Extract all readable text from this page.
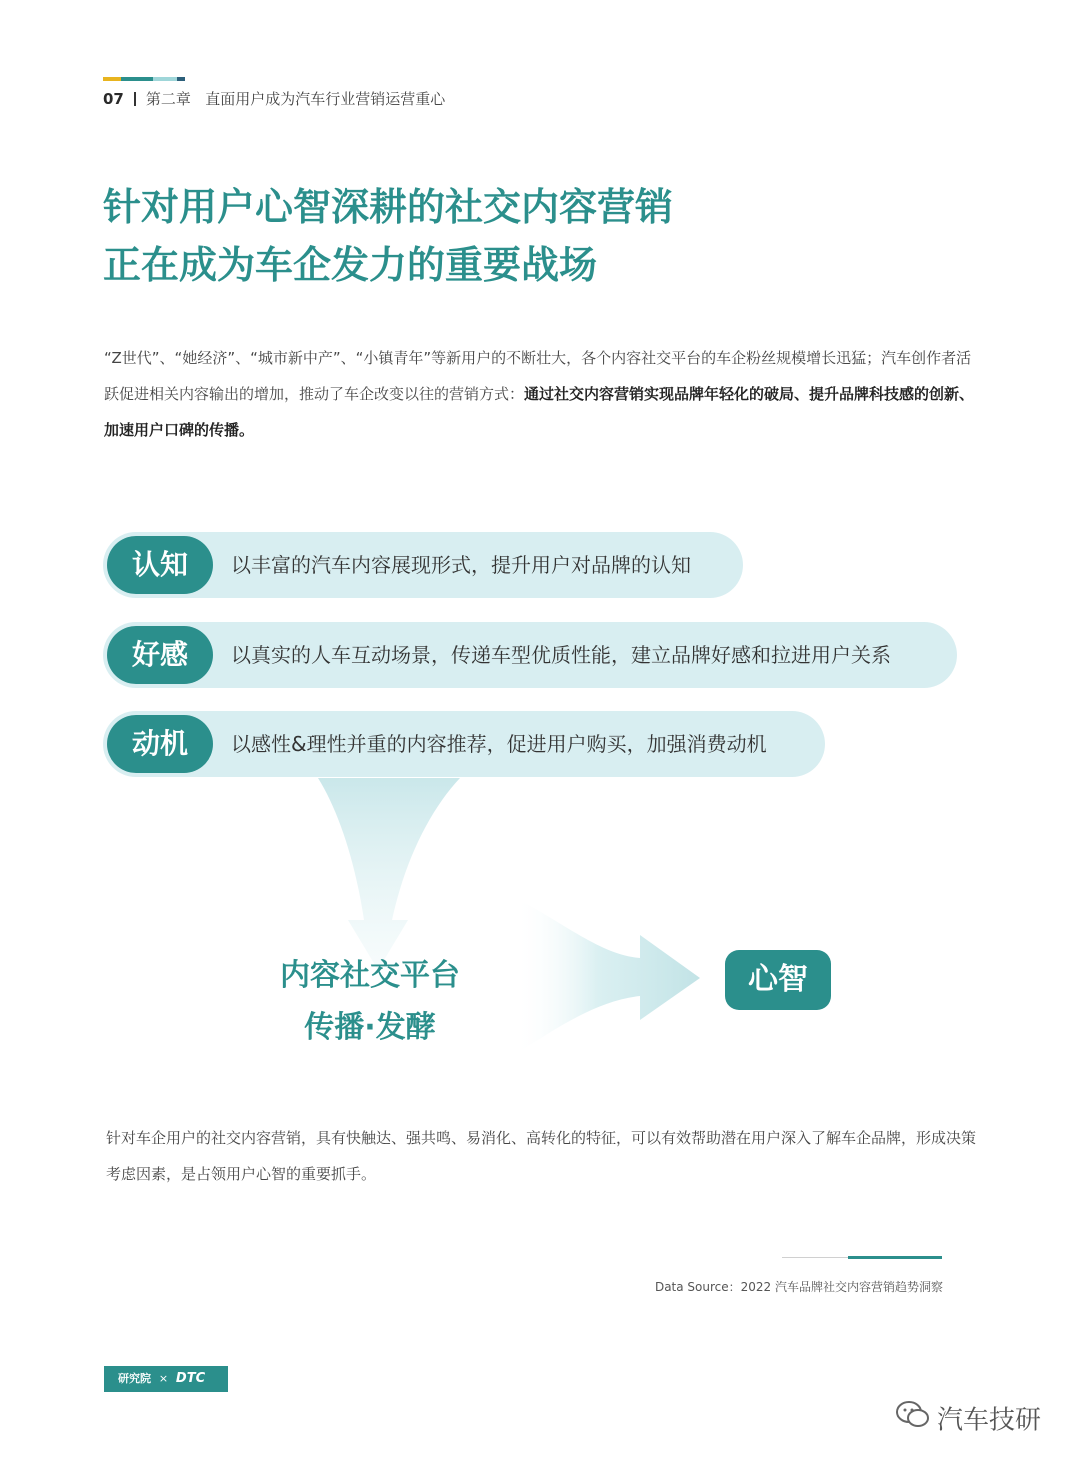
07 第二章 直面用户成为汽车行业营销运营重心
针对用户心智深耕的社交内容营销
正在成为车企发力的重要战场
“Z世代”、“她经济”、“城市新中产”、“小镇青年”等新用户的不断壮大，各个内容社交平台的车企粉丝规模增长迅猛；汽车创作者活跃促进相关内容输出的增加，推动了车企改变以往的营销方式：通过社交内容营销实现品牌年轻化的破局、提升品牌科技感的创新、加速用户口碑的传播。
认知	以丰富的汽车内容展现形式，提升用户对品牌的认知
好感	以真实的人车互动场景，传递车型优质性能，建立品牌好感和拉进用户关系
动机	以感性&理性并重的内容推荐，促进用户购买，加强消费动机
内容社交平台
传播·发酵
心智
针对车企用户的社交内容营销，具有快触达、强共鸣、易消化、高转化的特征，可以有效帮助潜在用户深入了解车企品牌，形成决策考虑因素，是占领用户心智的重要抓手。
Data Source：2022 汽车品牌社交内容营销趋势洞察
研究院 × DTC
汽车技研
